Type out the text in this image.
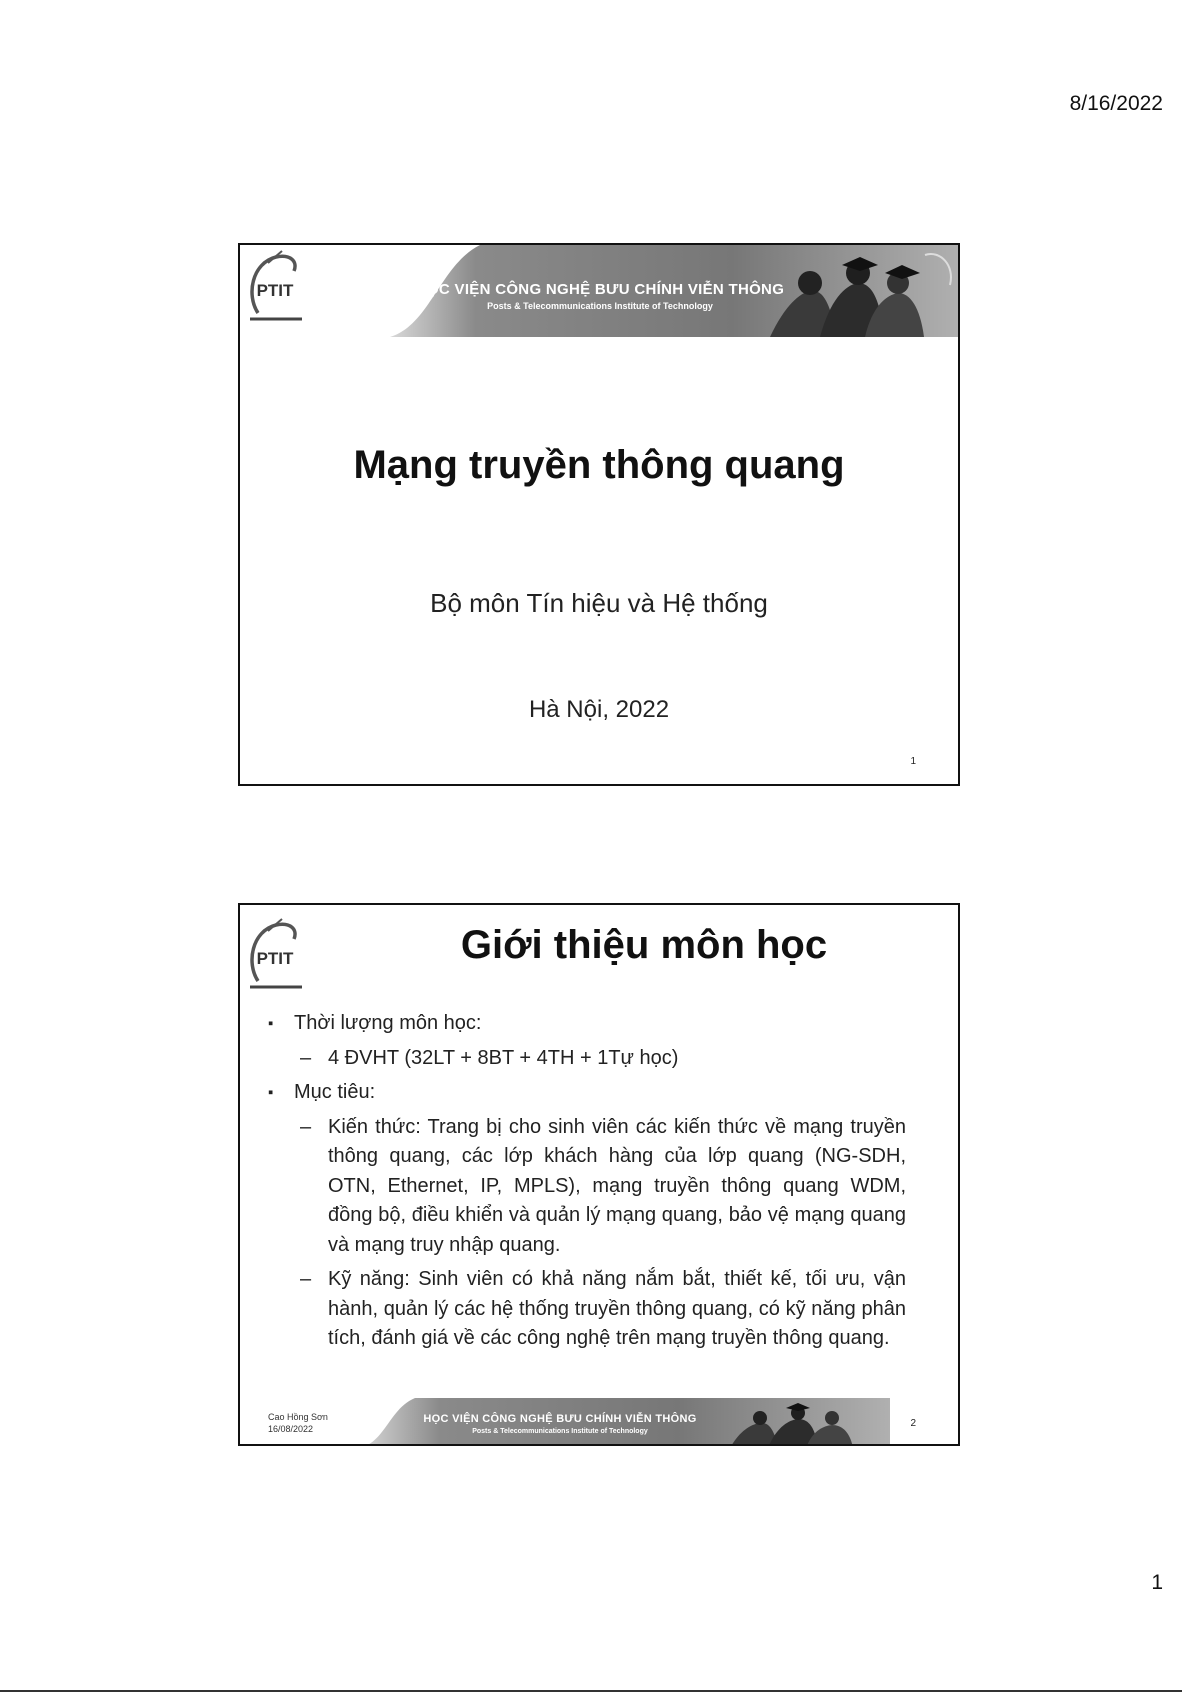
8/16/2022
PTIT	HỌC VIỆN CÔNG NGHỆ BƯU CHÍNH VIỄN THÔNG
Posts & Telecommunications Institute of Technology
Mạng truyền thông quang
Bộ môn Tín hiệu và Hệ thống
Hà Nội, 2022
1
PTIT	Giới thiệu môn học
▪ Thời lượng môn học:
– 4 ĐVHT (32LT + 8BT + 4TH + 1Tự học)
▪ Mục tiêu:
– Kiến thức: Trang bị cho sinh viên các kiến thức về mạng truyền thông quang, các lớp khách hàng của lớp quang (NG-SDH, OTN, Ethernet, IP, MPLS), mạng truyền thông quang WDM, đồng bộ, điều khiển và quản lý mạng quang, bảo vệ mạng quang và mạng truy nhập quang.
– Kỹ năng: Sinh viên có khả năng nắm bắt, thiết kế, tối ưu, vận hành, quản lý các hệ thống truyền thông quang, có kỹ năng phân tích, đánh giá về các công nghệ trên mạng truyền thông quang.
Cao Hồng Sơn
16/08/2022
HỌC VIỆN CÔNG NGHỆ BƯU CHÍNH VIỄN THÔNG
Posts & Telecommunications Institute of Technology
2
1
